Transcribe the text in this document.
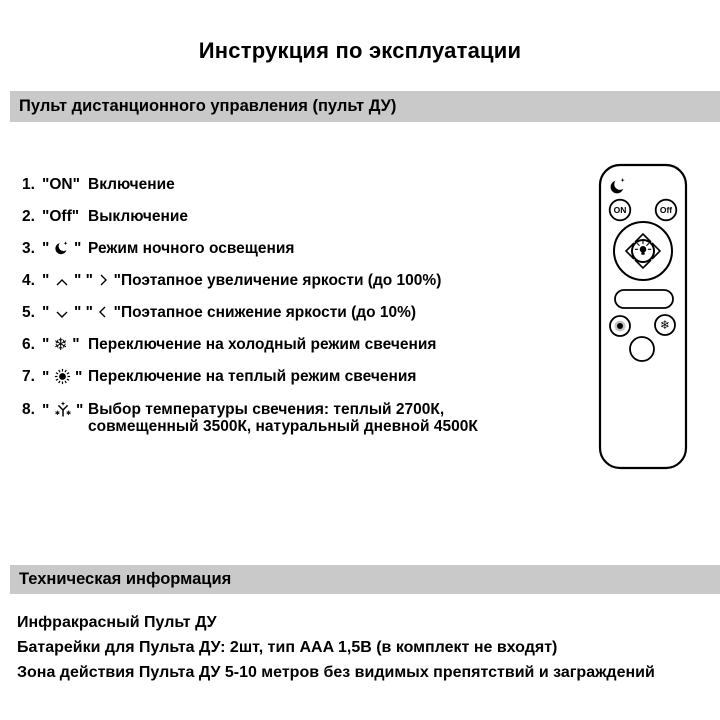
Инструкция по эксплуатации
Пульт дистанционного управления (пульт ДУ)
1. "ON" Включение
2. "Off" Выключение
3. "
" Режим ночного освещения
4. "
" "
" Поэтапное увеличение яркости (до 100%)
5. "
" "
" Поэтапное снижение яркости (до 10%)
6. " ❄ " Переключение на холодный режим свечения
7. "
" Переключение на теплый режим свечения
8. "
" Выбор температуры свечения: теплый 2700К,
совмещенный 3500К, натуральный дневной 4500К
ON	Off
❄
Техническая информация
Инфракрасный Пульт ДУ
Батарейки для Пульта ДУ: 2шт, тип AAA 1,5В (в комплект не входят)
Зона действия Пульта ДУ 5-10 метров без видимых препятствий и заграждений
